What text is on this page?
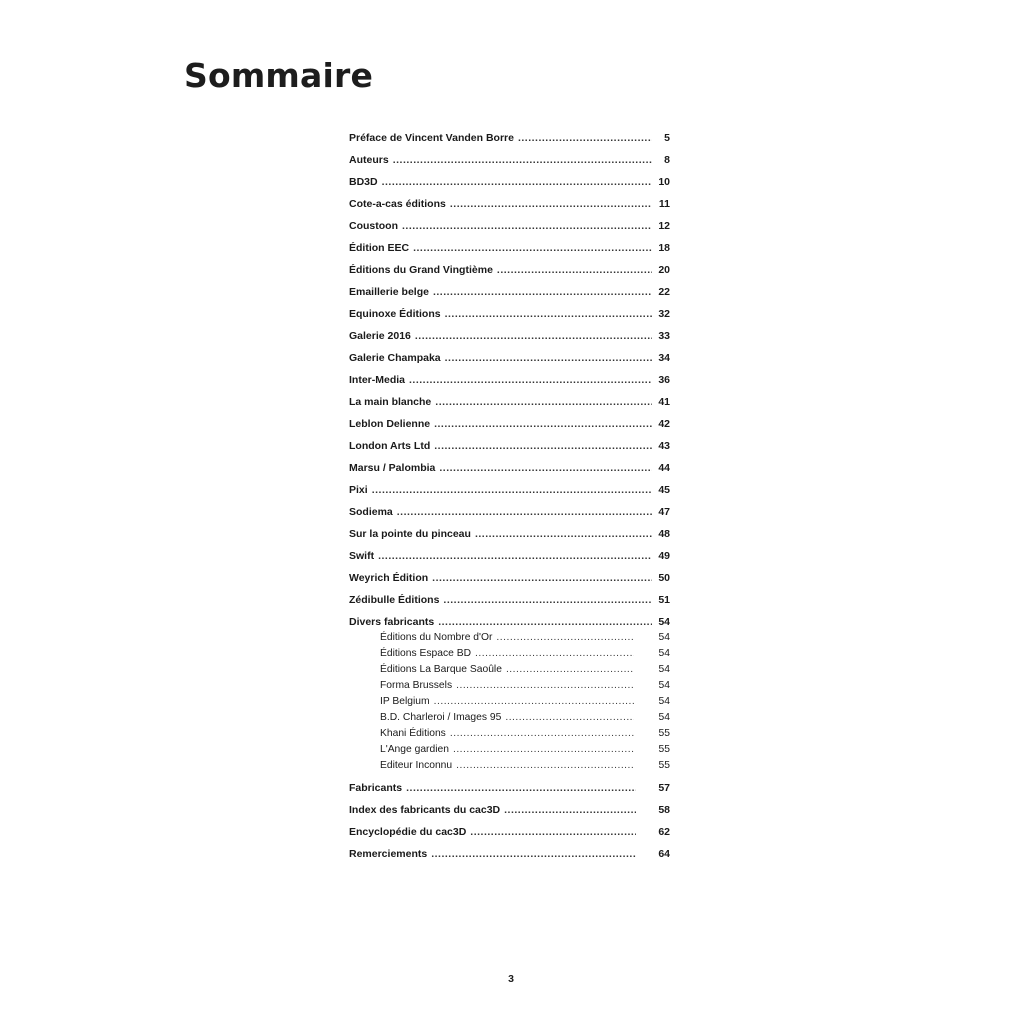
Sommaire
Préface de Vincent Vanden Borre .....	5
Auteurs .....	8
BD3D .....	10
Cote-a-cas éditions .....	11
Coustoon .....	12
Édition EEC .....	18
Éditions du Grand Vingtième .....	20
Emaillerie belge .....	22
Equinoxe Éditions .....	32
Galerie 2016 .....	33
Galerie Champaka .....	34
Inter-Media .....	36
La main blanche .....	41
Leblon Delienne .....	42
London Arts Ltd .....	43
Marsu / Palombia .....	44
Pixi .....	45
Sodiema .....	47
Sur la pointe du pinceau .....	48
Swift .....	49
Weyrich Édition .....	50
Zédibulle Éditions .....	51
Divers fabricants .....	54
Éditions du Nombre d'Or .....	54
Éditions Espace BD .....	54
Éditions La Barque Saoûle .....	54
Forma Brussels .....	54
IP Belgium .....	54
B.D. Charleroi / Images 95 .....	54
Khani Éditions .....	55
L'Ange gardien .....	55
Editeur Inconnu .....	55
Fabricants .....	57
Index des fabricants du cac3D .....	58
Encyclopédie du cac3D .....	62
Remerciements .....	64
3
